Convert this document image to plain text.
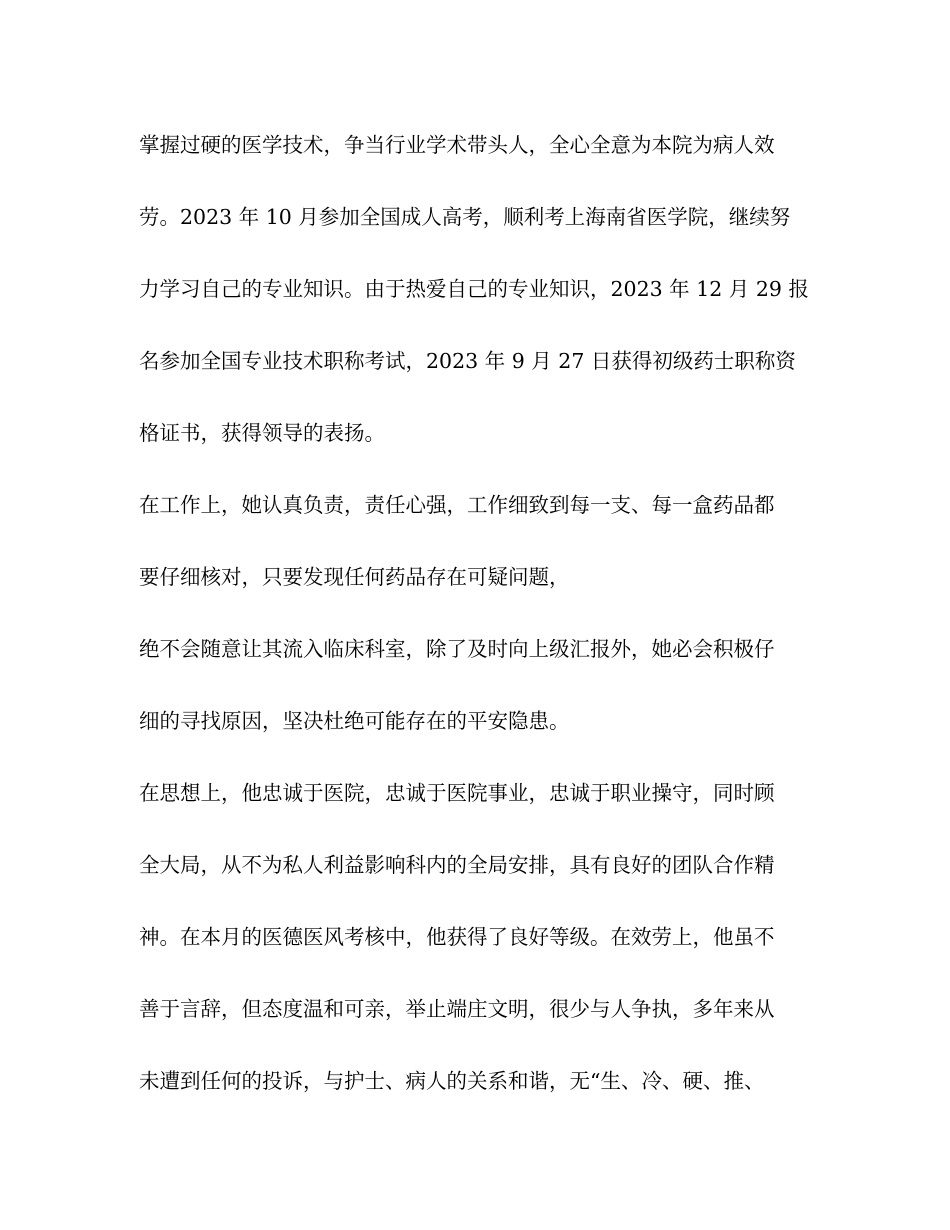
掌握过硬的医学技术，争当行业学术带头人，全心全意为本院为病人效
劳。2023 年 10 月参加全国成人高考，顺利考上海南省医学院，继续努
力学习自己的专业知识。由于热爱自己的专业知识，2023 年 12 月 29 报
名参加全国专业技术职称考试，2023 年 9 月 27 日获得初级药士职称资
格证书，获得领导的表扬。
在工作上，她认真负责，责任心强，工作细致到每一支、每一盒药品都
要仔细核对，只要发现任何药品存在可疑问题，
绝不会随意让其流入临床科室，除了及时向上级汇报外，她必会积极仔
细的寻找原因，坚决杜绝可能存在的平安隐患。
在思想上，他忠诚于医院，忠诚于医院事业，忠诚于职业操守，同时顾
全大局，从不为私人利益影响科内的全局安排，具有良好的团队合作精
神。在本月的医德医风考核中，他获得了良好等级。在效劳上，他虽不
善于言辞，但态度温和可亲，举止端庄文明，很少与人争执，多年来从
未遭到任何的投诉，与护士、病人的关系和谐，无“生、冷、硬、推、
